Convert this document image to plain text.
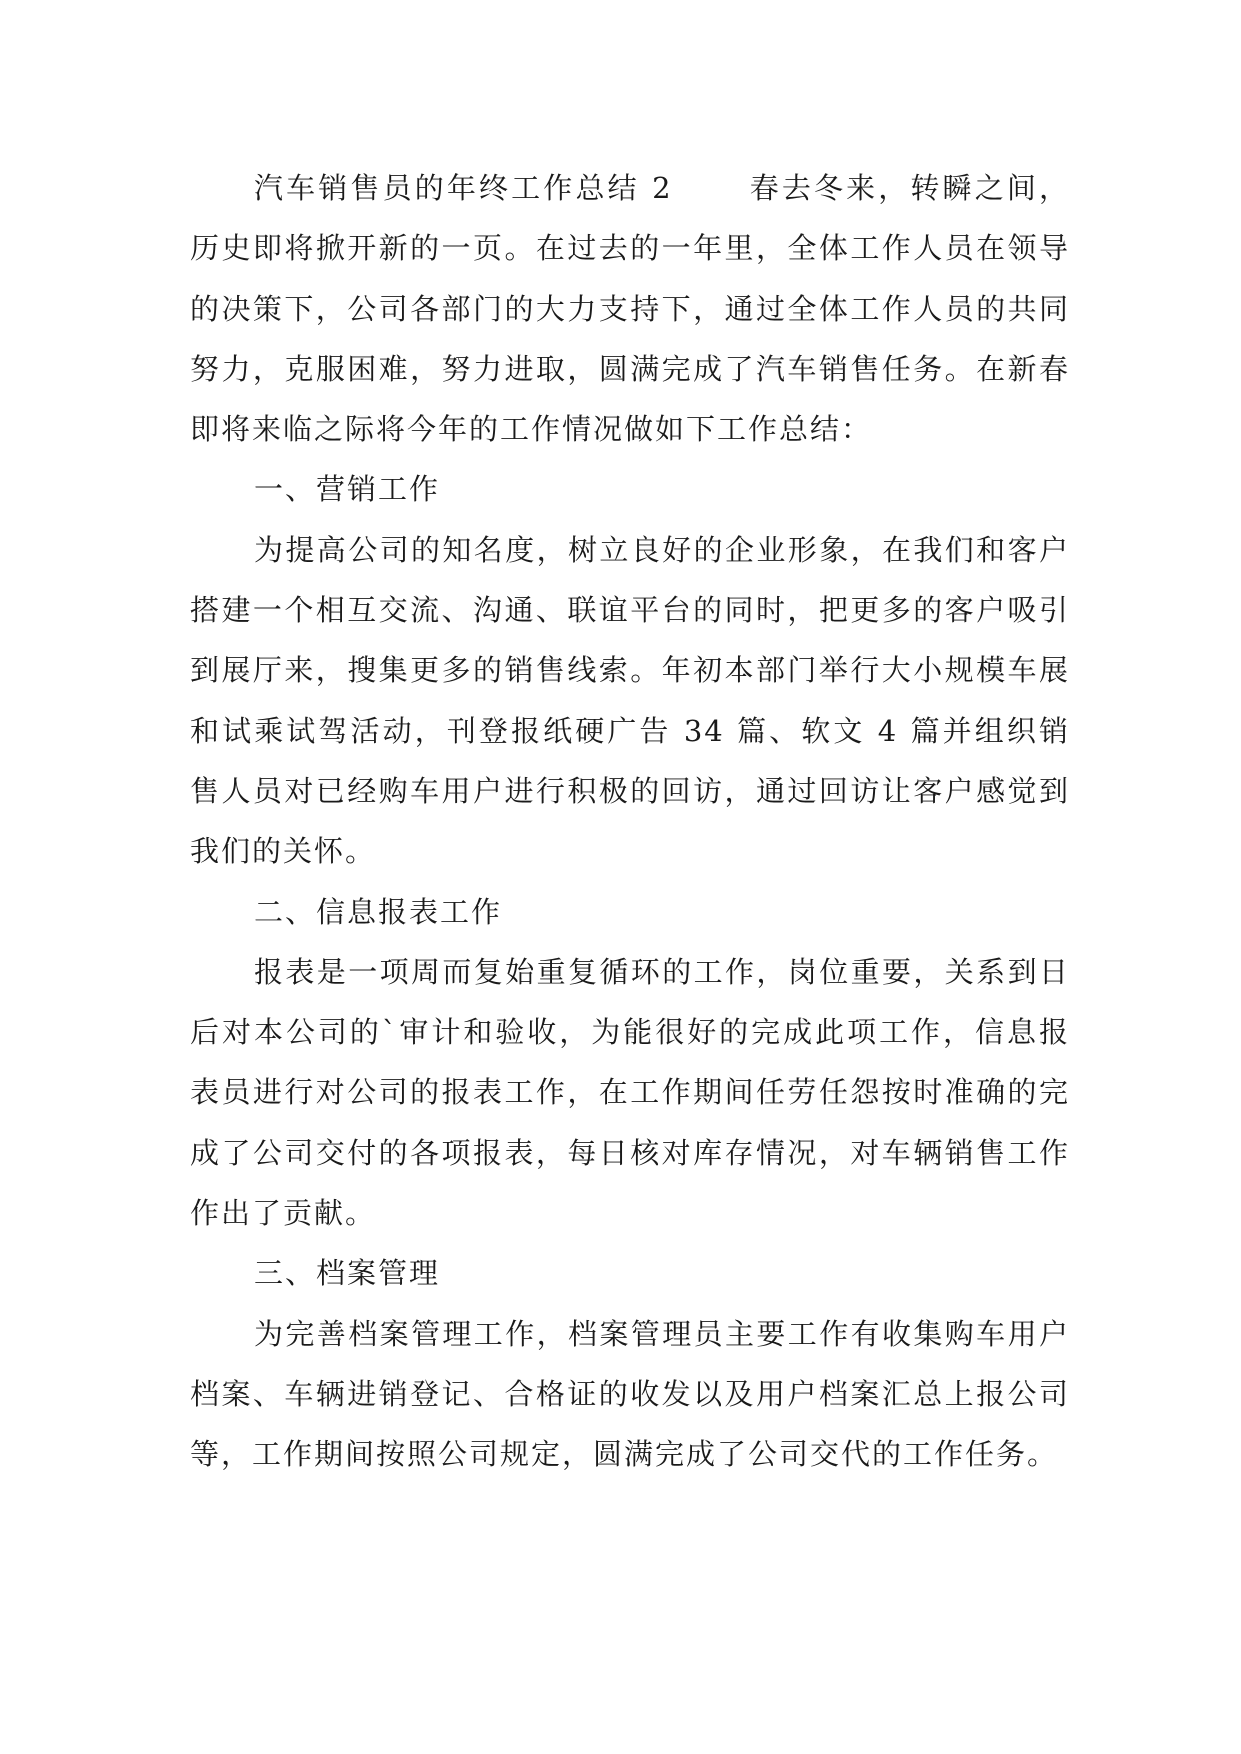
汽车销售员的年终工作总结 2	春去冬来，转瞬之间，历史即将掀开新的一页。在过去的一年里，全体工作人员在领导的决策下，公司各部门的大力支持下，通过全体工作人员的共同努力，克服困难，努力进取，圆满完成了汽车销售任务。在新春即将来临之际将今年的工作情况做如下工作总结：

一、营销工作

为提高公司的知名度，树立良好的企业形象，在我们和客户搭建一个相互交流、沟通、联谊平台的同时，把更多的客户吸引到展厅来，搜集更多的销售线索。年初本部门举行大小规模车展和试乘试驾活动，刊登报纸硬广告 34 篇、软文 4 篇并组织销售人员对已经购车用户进行积极的回访，通过回访让客户感觉到我们的关怀。

二、信息报表工作

报表是一项周而复始重复循环的工作，岗位重要，关系到日后对本公司的`审计和验收，为能很好的完成此项工作，信息报表员进行对公司的报表工作，在工作期间任劳任怨按时准确的完成了公司交付的各项报表，每日核对库存情况，对车辆销售工作作出了贡献。

三、档案管理

为完善档案管理工作，档案管理员主要工作有收集购车用户档案、车辆进销登记、合格证的收发以及用户档案汇总上报公司等，工作期间按照公司规定，圆满完成了公司交代的工作任务。
